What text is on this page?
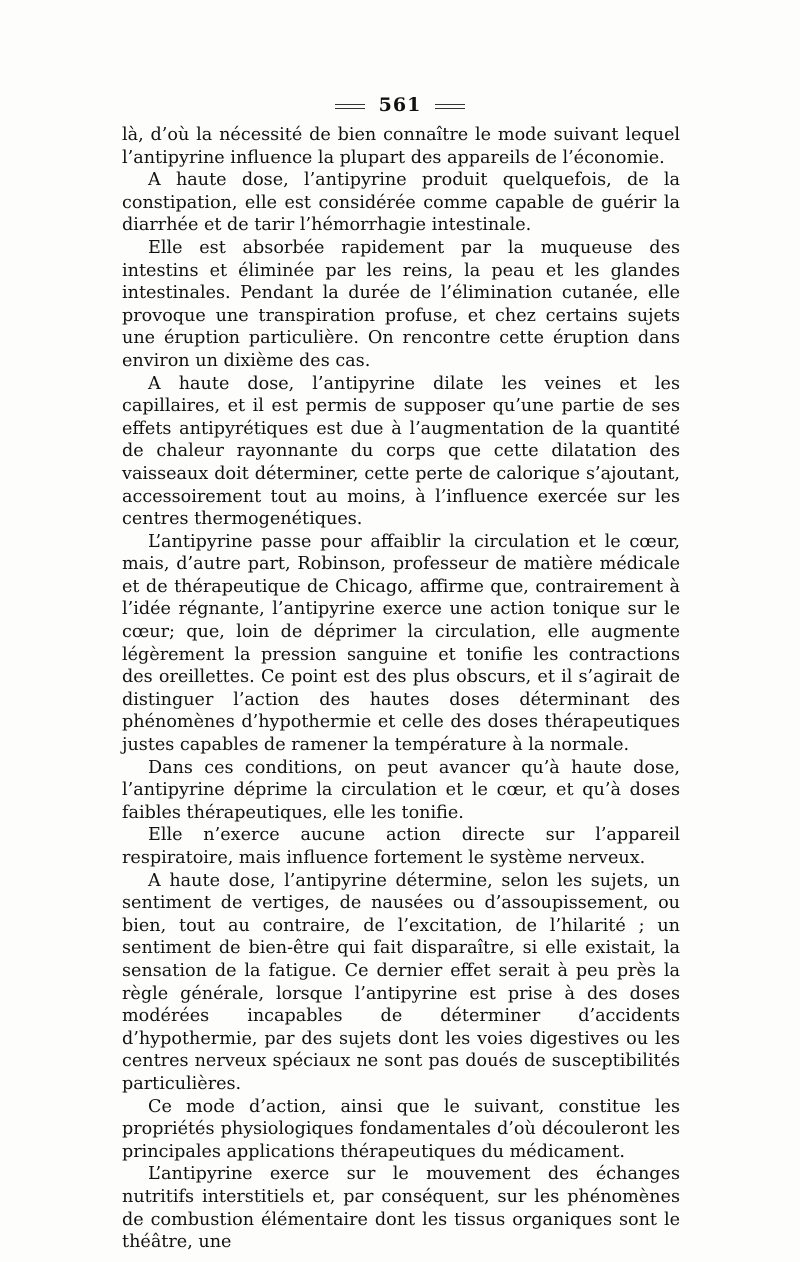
561

là, d’où la nécessité de bien connaître le mode suivant lequel l’antipyrine influence la plupart des appareils de l’économie.

A haute dose, l’antipyrine produit quelquefois, de la constipation, elle est considérée comme capable de guérir la diarrhée et de tarir l’hémorrhagie intestinale.

Elle est absorbée rapidement par la muqueuse des intestins et éliminée par les reins, la peau et les glandes intestinales. Pendant la durée de l’élimination cutanée, elle provoque une transpiration profuse, et chez certains sujets une éruption particulière. On rencontre cette éruption dans environ un dixième des cas.

A haute dose, l’antipyrine dilate les veines et les capillaires, et il est permis de supposer qu’une partie de ses effets antipyrétiques est due à l’augmentation de la quantité de chaleur rayonnante du corps que cette dilatation des vaisseaux doit déterminer, cette perte de calorique s’ajoutant, accessoirement tout au moins, à l’influence exercée sur les centres thermogenétiques.

L’antipyrine passe pour affaiblir la circulation et le cœur, mais, d’autre part, Robinson, professeur de matière médicale et de thérapeutique de Chicago, affirme que, contrairement à l’idée régnante, l’antipyrine exerce une action tonique sur le cœur; que, loin de déprimer la circulation, elle augmente légèrement la pression sanguine et tonifie les contractions des oreillettes. Ce point est des plus obscurs, et il s’agirait de distinguer l’action des hautes doses déterminant des phénomènes d’hypothermie et celle des doses thérapeutiques justes capables de ramener la température à la normale.

Dans ces conditions, on peut avancer qu’à haute dose, l’antipyrine déprime la circulation et le cœur, et qu’à doses faibles thérapeutiques, elle les tonifie.

Elle n’exerce aucune action directe sur l’appareil respiratoire, mais influence fortement le système nerveux.

A haute dose, l’antipyrine détermine, selon les sujets, un sentiment de vertiges, de nausées ou d’assoupissement, ou bien, tout au contraire, de l’excitation, de l’hilarité ; un sentiment de bien-être qui fait disparaître, si elle existait, la sensation de la fatigue. Ce dernier effet serait à peu près la règle générale, lorsque l’antipyrine est prise à des doses modérées incapables de déterminer d’accidents d’hypothermie, par des sujets dont les voies digestives ou les centres nerveux spéciaux ne sont pas doués de susceptibilités particulières.

Ce mode d’action, ainsi que le suivant, constitue les propriétés physiologiques fondamentales d’où découleront les principales applications thérapeutiques du médicament.

L’antipyrine exerce sur le mouvement des échanges nutritifs interstitiels et, par conséquent, sur les phénomènes de combustion élémentaire dont les tissus organiques sont le théâtre, une
